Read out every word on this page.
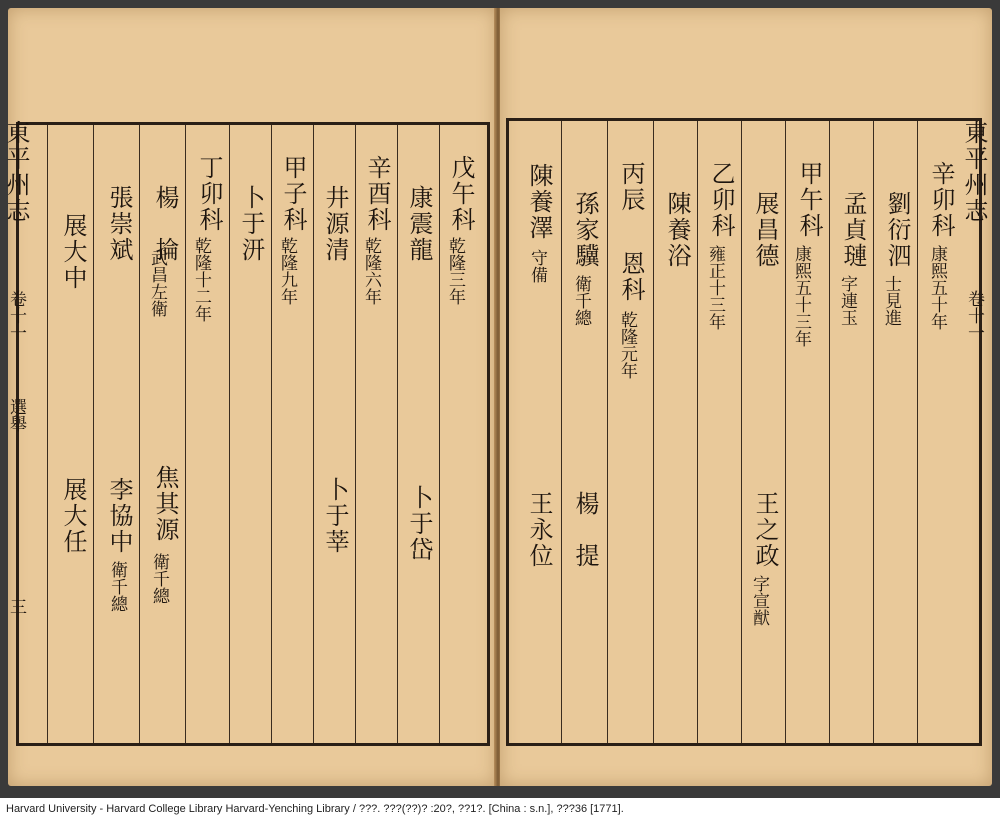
戊午科
乾隆三年
康震龍
卜于岱
辛酉科
乾隆六年
井源清
卜于莘
甲子科
乾隆九年
卜于汧
丁卯科
乾隆十二年
楊　掄
武昌左衛
焦其源
衛千總
張崇斌
李協中
衛千總
展大中
展大任
東平州志
卷十一
選舉
三
辛卯科
康熙五十年
劉衍泗
士見進
孟貞璉
字連玉
甲午科
康熙五十三年
展昌德
王之政
字宣猷
乙卯科
雍正十三年
陳養浴
丙辰
恩科
乾隆元年
孫家驥
衛千總
楊　提
陳養澤
守備
王永位
東平州志
卷十一
Harvard University - Harvard College Library Harvard-Yenching Library / ???. ???(??)? :20?, ??1?. [China : s.n.], ???36 [1771].
